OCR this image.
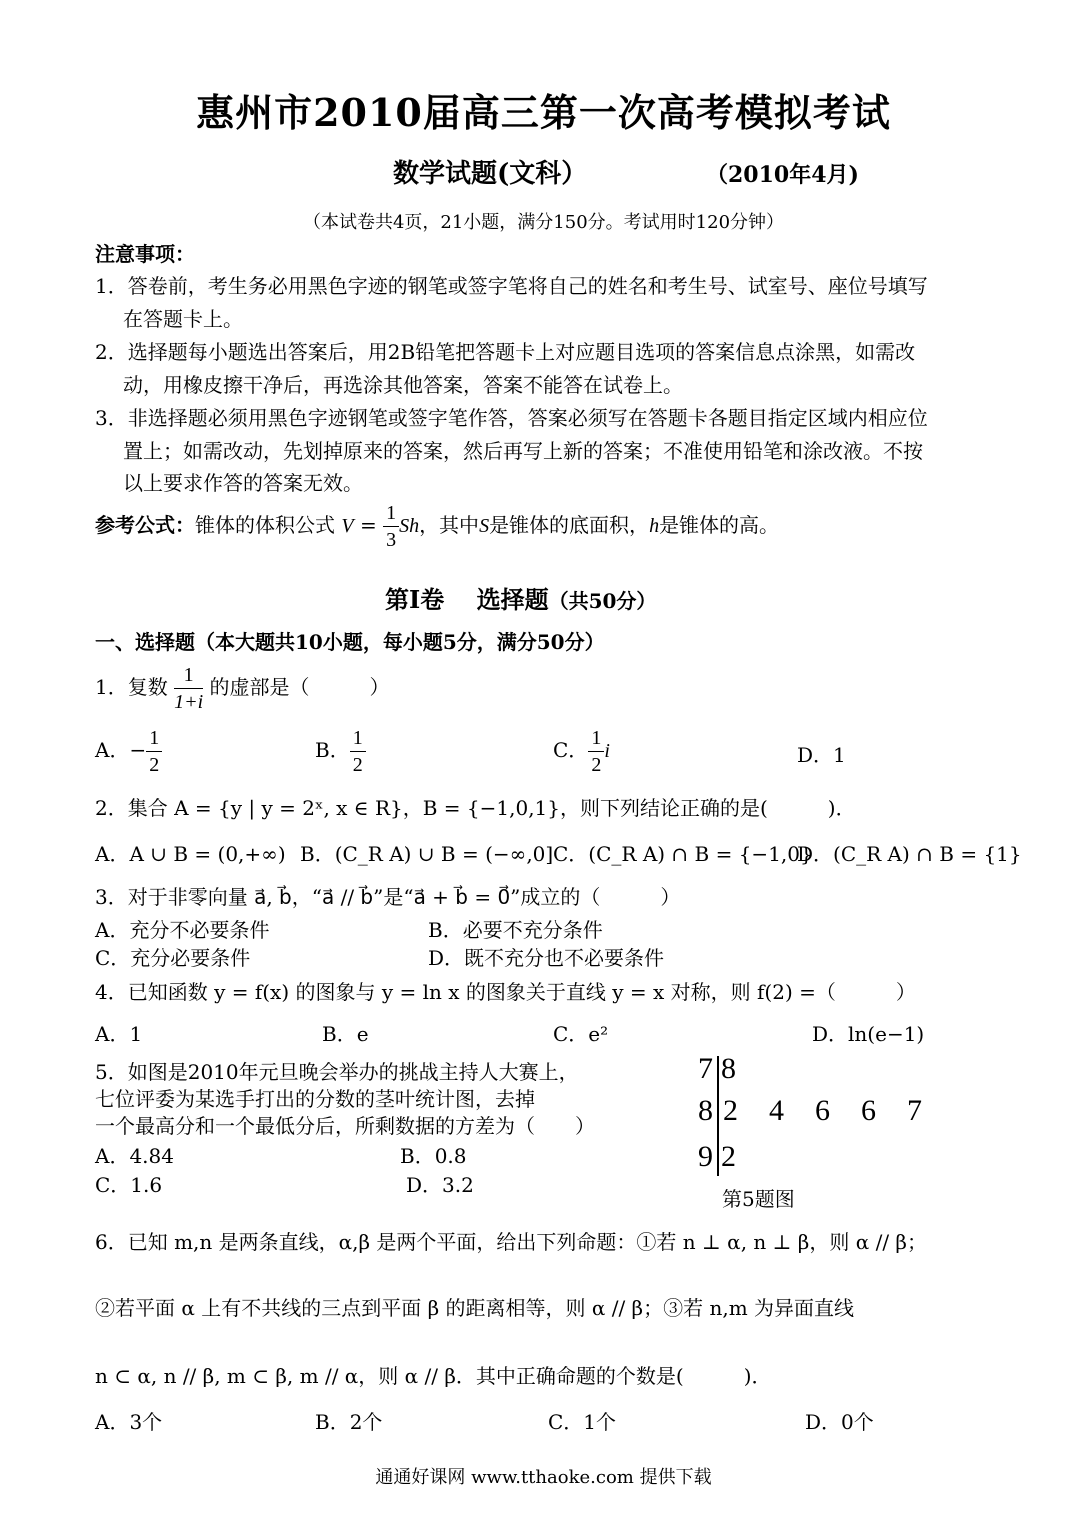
惠州市2010届高三第一次高考模拟考试
数学试题(文科）	（2010年4月)
（本试卷共4页，21小题，满分150分。考试用时120分钟）
注意事项：
1．答卷前，考生务必用黑色字迹的钢笔或签字笔将自己的姓名和考生号、试室号、座位号填写
在答题卡上。
2．选择题每小题选出答案后，用2B铅笔把答题卡上对应题目选项的答案信息点涂黑，如需改
动，用橡皮擦干净后，再选涂其他答案，答案不能答在试卷上。
3．非选择题必须用黑色字迹钢笔或签字笔作答，答案必须写在答题卡各题目指定区域内相应位
置上；如需改动，先划掉原来的答案，然后再写上新的答案；不准使用铅笔和涂改液。不按
以上要求作答的答案无效。
参考公式：锥体的体积公式 $V = \frac{1}{3}$ Sh，其中S是锥体的底面积，h是锥体的高。
第Ⅰ卷　 选择题（共50分）
一、选择题（本大题共10小题，每小题5分，满分50分）
1．复数 $\frac{1}{1+i}$ 的虚部是（　　　）
A．− $\frac{1}{2}$	B． $\frac{1}{2}$	C． $\frac{1}{2}$ i	D．1
2．集合 A = {y | y = 2ˣ, x ∈ R}，B = {−1,0,1}，则下列结论正确的是(　　　)．
A．A ∪ B = (0,+∞) B．(C_R A) ∪ B = (−∞,0] C．(C_R A) ∩ B = {−1,0}
D．(C_R A) ∩ B = {1}
3．对于非零向量 a⃗, b⃗，“a⃗ // b⃗”是“a⃗ + b⃗ = 0⃗”成立的（　　　）
A．充分不必要条件	B．必要不充分条件
C．充分必要条件	D．既不充分也不必要条件
4．已知函数 y = f(x) 的图象与 y = ln x 的图象关于直线 y = x 对称，则 f(2) =（　　　）
A．1	B．e	C．e²	D．ln(e−1)
5．如图是2010年元旦晚会举办的挑战主持人大赛上，
七位评委为某选手打出的分数的茎叶统计图，去掉
一个最高分和一个最低分后，所剩数据的方差为（　　）
A．4.84	B．0.8
C．1.6	D．3.2
7 8
8 2  4  6  6  7
9 2
第5题图
6．已知 m,n 是两条直线，α,β 是两个平面，给出下列命题：①若 n ⊥ α, n ⊥ β，则 α // β；
②若平面 α 上有不共线的三点到平面 β 的距离相等，则 α // β；③若 n,m 为异面直线
n ⊂ α, n // β, m ⊂ β, m // α，则 α // β．其中正确命题的个数是(　　　)．
A．3个	B．2个	C．1个	D．0个
通通好课网 www.tthaoke.com 提供下载
